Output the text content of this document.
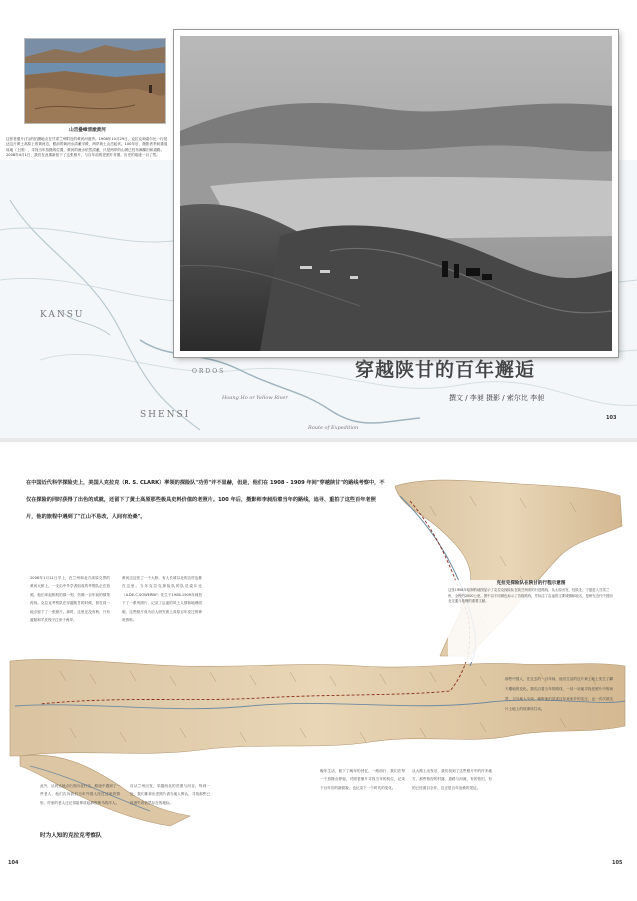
KANSU
SHENSI
Hoang Ho or Yellow River
ORDOS
Route of Expedition
山峦叠嶂清澈黄河
这张老照片(右)的拍摄地点在甘肃兰州附近的黄河河道旁。1908年10月29日，克拉克和索尔比一行抵达这片黄土高原上的黄河边，眼前的黄河水清澈平缓，两岸黄土山峦起伏。100年后，摄影者李昶重返故地（上图），寻找当年拍摄的位置，黄河的流水依然清澈，只是两岸的山坡已经布满梯田和道路。2008年4月1日，我们在此重新拍下了这张照片，与百年前的老照片对照，历史的痕迹一目了然。
穿越陕甘的百年邂逅
撰文 / 李昶 摄影 / 索尔比 李昶
103
在中国近代科学探险史上，美国人克拉克（R. S. CLARK）率领的探险队"功劳"并不显赫，但是，他们在 1908 - 1909 年间"穿越陕甘"的路线考察中，不仅在探险的同时获得了出色的成就，还留下了黄土高原那些极具史料价值的老照片。100 年后，摄影师李昶沿着当年的路线，追寻、重拍了这些百年老照片，他的旅程中遇到了"江山不易改，人间有沧桑"。
2008年1月11日早上，在兰州和北方高原交界的黄河大桥上，一支由中外学者组成的考察队正在拍照。他们举起相机的那一刻，仿佛一百年前的情景再现。克拉克考察队在穿越陕甘的时候，曾在同一地点留下了一张照片。那时，这里还没有桥，只有渡船和羊皮筏子往来于两岸。
黄河边这张了一个大桥，有人长城以北的边村也都在这里。当年克拉克探险队的队员索尔比（A.DE.C.SOWERBY）先生于1908-1909年间拍下了一系列照片，记录了沿途的风土人情和地理面貌，这些照片成为后人研究黄土高原百年变迁的珍贵资料。
克拉克探险队在陕甘的行程示意图
这张1908年绘制的地图显示了克拉克探险队在陕甘两省的行进路线，从太原出发，经陕北、宁夏进入甘肃兰州，全程约2000公里。图中以不同颜色标示了各段路线，并标注了沿途的主要城镇和地名，是研究近代中国西北交通与地理的重要文献。
那些中国人，在过去的一百年间，他们生活的这片黄土地上发生了翻天覆地的变化。我们沿着当年的路线，一站一站地寻找老照片中的场景，与当地人交谈，倾听他们讲述百年来家乡的变迁，也一次次被这片土地上的故事所打动。
此外，从到达地点出发向北行走，路途中遇到了一些老人，他们告诉我们当年外国人经过这里的情形，村里的老人还记得祖辈讲起那些骑马的洋人。
自从兰州出发，穿越西北的荒漠与河谷，每到一处，我们都拿出老照片请当地人辨认，寻找那些已经消失或依然存在的地标。
晚年生活，留下了晚年的回忆，一路西行，我们在每一个拍摄点停留，对照老照片寻找当年的机位，记录下百年后的新面貌，也记录下一个时代的变化。
从大路上出发后，我们找到了这些照片中的许多地方，那些曾经的村落、道路与河流，有的依旧，有的已经面目全非，这正是百年沧桑的见证。
时为人知的克拉克考察队
104	105
